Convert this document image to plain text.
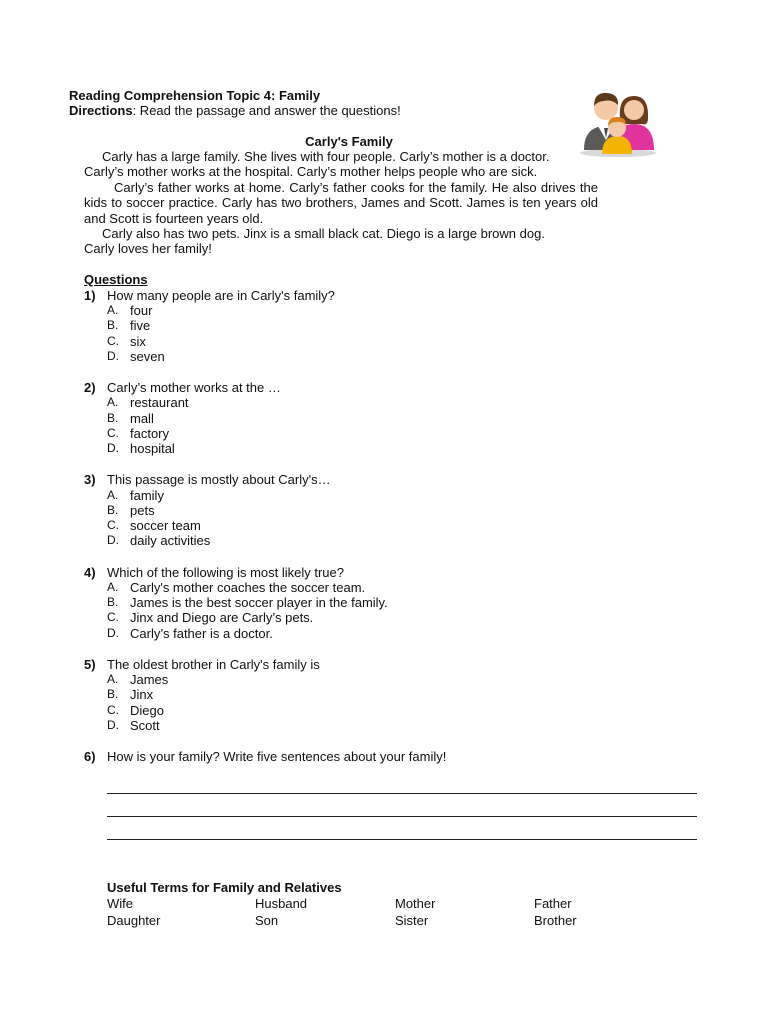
Reading Comprehension Topic 4: Family
Directions: Read the passage and answer the questions!
Carly's Family
Carly has a large family. She lives with four people. Carly’s mother is a doctor.
Carly’s mother works at the hospital. Carly’s mother helps people who are sick.
Carly’s father works at home. Carly’s father cooks for the family. He also drives the kids to soccer practice. Carly has two brothers, James and Scott. James is ten years old and Scott is fourteen years old.
Carly also has two pets. Jinx is a small black cat. Diego is a large brown dog.
Carly loves her family!
Questions
1) How many people are in Carly's family?
A. four
B. five
C. six
D. seven
2) Carly’s mother works at the …
A. restaurant
B. mall
C. factory
D. hospital
3) This passage is mostly about Carly's…
A. family
B. pets
C. soccer team
D. daily activities
4) Which of the following is most likely true?
A. Carly's mother coaches the soccer team.
B. James is the best soccer player in the family.
C. Jinx and Diego are Carly’s pets.
D. Carly’s father is a doctor.
5) The oldest brother in Carly's family is
A. James
B. Jinx
C. Diego
D. Scott
6) How is your family? Write five sentences about your family!
Useful Terms for Family and Relatives
Wife	Husband	Mother	Father
Daughter	Son	Sister	Brother
